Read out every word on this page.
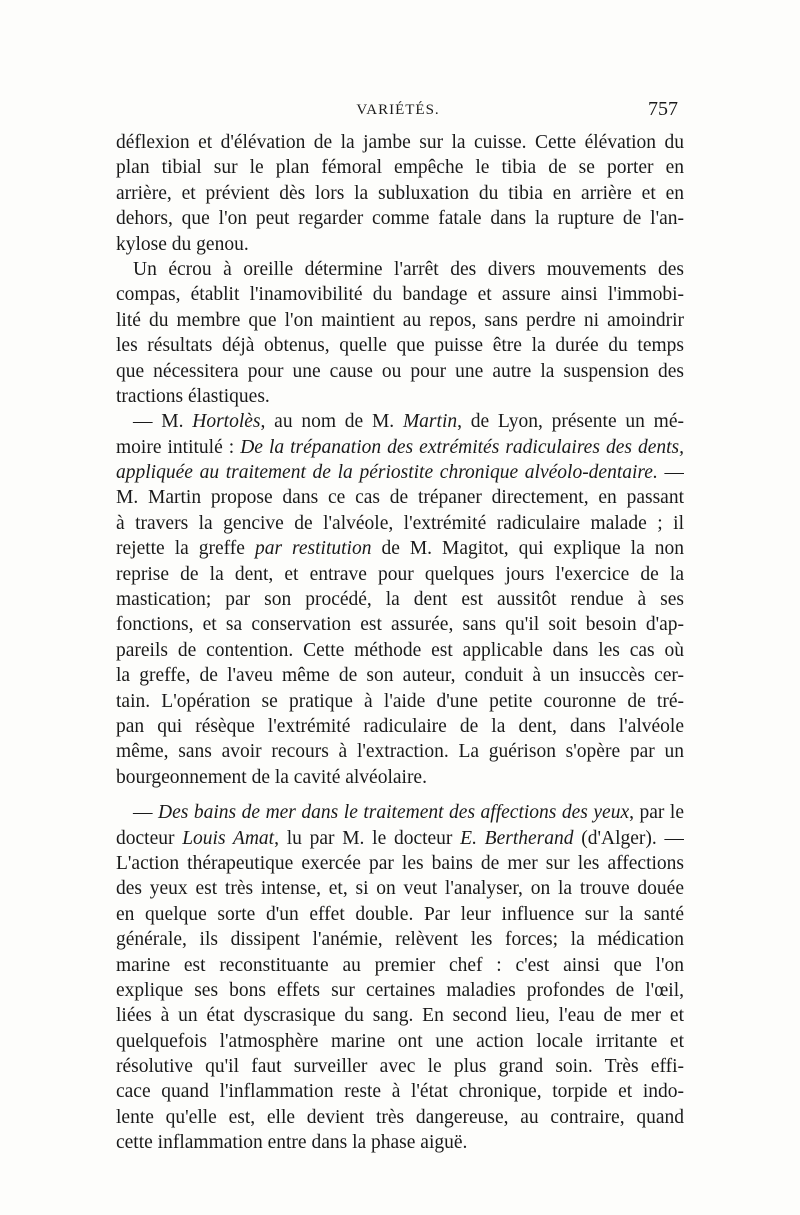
VARIÉTÉS.	757
déflexion et d'élévation de la jambe sur la cuisse. Cette élévation du
plan tibial sur le plan fémoral empêche le tibia de se porter en
arrière, et prévient dès lors la subluxation du tibia en arrière et en
dehors, que l'on peut regarder comme fatale dans la rupture de l'an-
kylose du genou.
Un écrou à oreille détermine l'arrêt des divers mouvements des
compas, établit l'inamovibilité du bandage et assure ainsi l'immobi-
lité du membre que l'on maintient au repos, sans perdre ni amoindrir
les résultats déjà obtenus, quelle que puisse être la durée du temps
que nécessitera pour une cause ou pour une autre la suspension des
tractions élastiques.
— M. Hortolès, au nom de M. Martin, de Lyon, présente un mé-
moire intitulé : De la trépanation des extrémités radiculaires des dents,
appliquée au traitement de la périostite chronique alvéolo-dentaire. —
M. Martin propose dans ce cas de trépaner directement, en passant
à travers la gencive de l'alvéole, l'extrémité radiculaire malade ; il
rejette la greffe par restitution de M. Magitot, qui explique la non
reprise de la dent, et entrave pour quelques jours l'exercice de la
mastication; par son procédé, la dent est aussitôt rendue à ses
fonctions, et sa conservation est assurée, sans qu'il soit besoin d'ap-
pareils de contention. Cette méthode est applicable dans les cas où
la greffe, de l'aveu même de son auteur, conduit à un insuccès cer-
tain. L'opération se pratique à l'aide d'une petite couronne de tré-
pan qui résèque l'extrémité radiculaire de la dent, dans l'alvéole
même, sans avoir recours à l'extraction. La guérison s'opère par un
bourgeonnement de la cavité alvéolaire.
— Des bains de mer dans le traitement des affections des yeux, par le
docteur Louis Amat, lu par M. le docteur E. Bertherand (d'Alger). —
L'action thérapeutique exercée par les bains de mer sur les affections
des yeux est très intense, et, si on veut l'analyser, on la trouve douée
en quelque sorte d'un effet double. Par leur influence sur la santé
générale, ils dissipent l'anémie, relèvent les forces; la médication
marine est reconstituante au premier chef : c'est ainsi que l'on
explique ses bons effets sur certaines maladies profondes de l'œil,
liées à un état dyscrasique du sang. En second lieu, l'eau de mer et
quelquefois l'atmosphère marine ont une action locale irritante et
résolutive qu'il faut surveiller avec le plus grand soin. Très effi-
cace quand l'inflammation reste à l'état chronique, torpide et indo-
lente qu'elle est, elle devient très dangereuse, au contraire, quand
cette inflammation entre dans la phase aiguë.
